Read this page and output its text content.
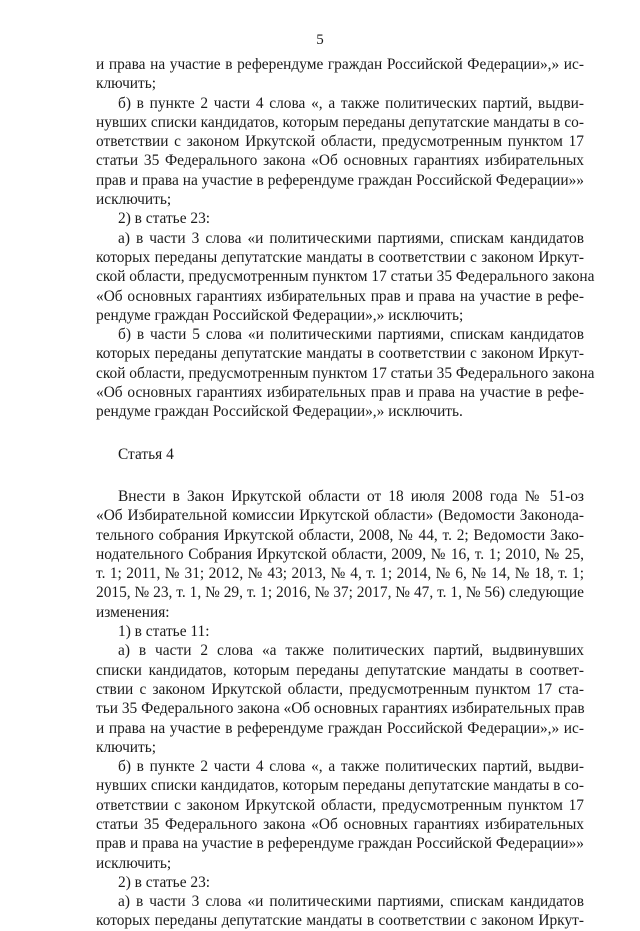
5
и права на участие в референдуме граждан Российской Федерации»,» ис-
ключить;
б) в пункте 2 части 4 слова «, а также политических партий, выдви-
нувших списки кандидатов, которым переданы депутатские мандаты в со-
ответствии с законом Иркутской области, предусмотренным пунктом 17
статьи 35 Федерального закона «Об основных гарантиях избирательных
прав и права на участие в референдуме граждан Российской Федерации»»
исключить;
2) в статье 23:
а) в части 3 слова «и политическими партиями, спискам кандидатов
которых переданы депутатские мандаты в соответствии с законом Иркут-
ской области, предусмотренным пунктом 17 статьи 35 Федерального закона
«Об основных гарантиях избирательных прав и права на участие в рефе-
рендуме граждан Российской Федерации»,» исключить;
б) в части 5 слова «и политическими партиями, спискам кандидатов
которых переданы депутатские мандаты в соответствии с законом Иркут-
ской области, предусмотренным пунктом 17 статьи 35 Федерального закона
«Об основных гарантиях избирательных прав и права на участие в рефе-
рендуме граждан Российской Федерации»,» исключить.
Статья 4
Внести в Закон Иркутской области от 18 июля 2008 года № 51-оз
«Об Избирательной комиссии Иркутской области» (Ведомости Законода-
тельного собрания Иркутской области, 2008, № 44, т. 2; Ведомости Зако-
нодательного Собрания Иркутской области, 2009, № 16, т. 1; 2010, № 25,
т. 1; 2011, № 31; 2012, № 43; 2013, № 4, т. 1; 2014, № 6, № 14, № 18, т. 1;
2015, № 23, т. 1, № 29, т. 1; 2016, № 37; 2017, № 47, т. 1, № 56) следующие
изменения:
1) в статье 11:
а) в части 2 слова «а также политических партий, выдвинувших
списки кандидатов, которым переданы депутатские мандаты в соответ-
ствии с законом Иркутской области, предусмотренным пунктом 17 ста-
тьи 35 Федерального закона «Об основных гарантиях избирательных прав
и права на участие в референдуме граждан Российской Федерации»,» ис-
ключить;
б) в пункте 2 части 4 слова «, а также политических партий, выдви-
нувших списки кандидатов, которым переданы депутатские мандаты в со-
ответствии с законом Иркутской области, предусмотренным пунктом 17
статьи 35 Федерального закона «Об основных гарантиях избирательных
прав и права на участие в референдуме граждан Российской Федерации»»
исключить;
2) в статье 23:
а) в части 3 слова «и политическими партиями, спискам кандидатов
которых переданы депутатские мандаты в соответствии с законом Иркут-
